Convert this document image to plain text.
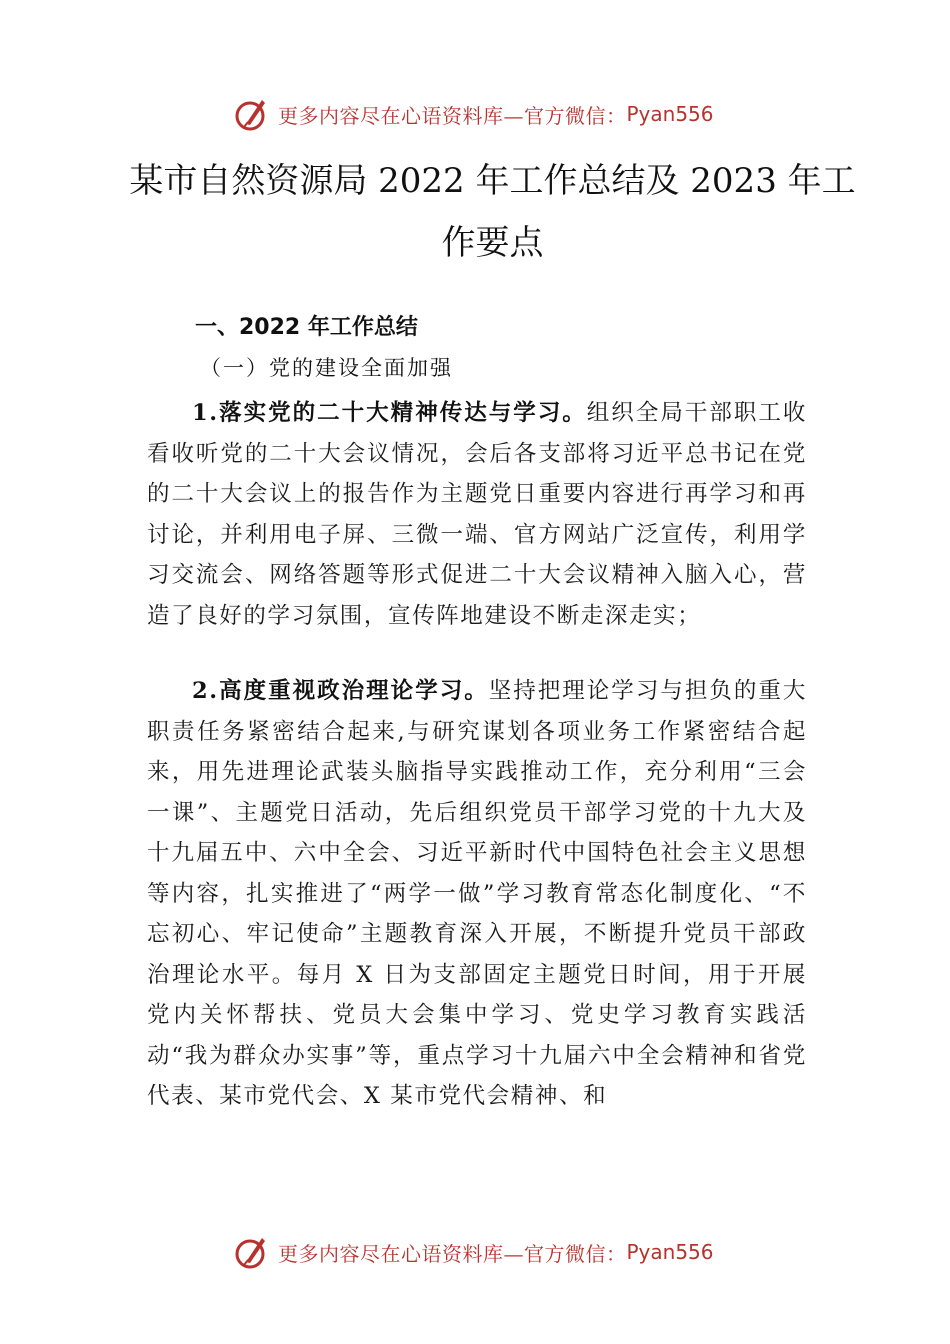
更多内容尽在心语资料库—官方微信： Pyan556
某市自然资源局 2022 年工作总结及 2023 年工作要点
一、2022 年工作总结
（一）党的建设全面加强

1.落实党的二十大精神传达与学习。组织全局干部职工收看收听党的二十大会议情况，会后各支部将习近平总书记在党的二十大会议上的报告作为主题党日重要内容进行再学习和再讨论，并利用电子屏、三微一端、官方网站广泛宣传，利用学习交流会、网络答题等形式促进二十大会议精神入脑入心，营造了良好的学习氛围，宣传阵地建设不断走深走实；

2.高度重视政治理论学习。坚持把理论学习与担负的重大职责任务紧密结合起来,与研究谋划各项业务工作紧密结合起来，用先进理论武装头脑指导实践推动工作，充分利用“三会一课”、主题党日活动，先后组织党员干部学习党的十九大及十九届五中、六中全会、习近平新时代中国特色社会主义思想等内容，扎实推进了“两学一做”学习教育常态化制度化、“不忘初心、牢记使命”主题教育深入开展，不断提升党员干部政治理论水平。每月 X 日为支部固定主题党日时间，用于开展党内关怀帮扶、党员大会集中学习、党史学习教育实践活动“我为群众办实事”等，重点学习十九届六中全会精神和省党代表、某市党代会、X 某市党代会精神、和

更多内容尽在心语资料库—官方微信： Pyan556
